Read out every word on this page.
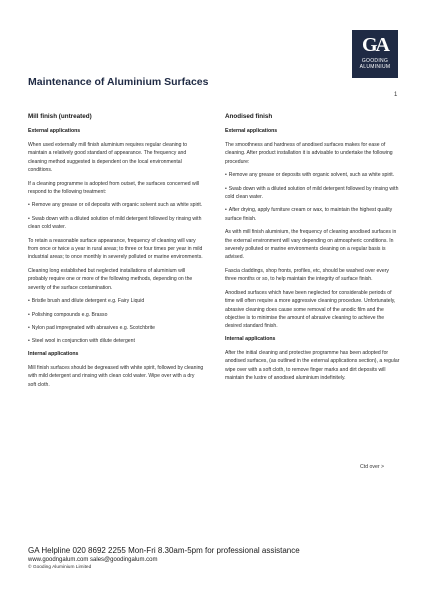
GA
GOODING
ALUMINIUM
Maintenance of Aluminium Surfaces
1
Mill finish (untreated)
External applications

When used externally mill finish aluminium requires regular cleaning to maintain a relatively good standard of appearance. The frequency and cleaning method suggested is dependent on the local environmental conditions.

If a cleaning programme is adopted from outset, the surfaces concerned will respond to the following treatment:

• Remove any grease or oil deposits with organic solvent such as white spirit.

• Swab down with a diluted solution of mild detergent followed by rinsing with clean cold water.

To retain a reasonable surface appearance, frequency of cleaning will vary from once or twice a year in rural areas; to three or four times per year in mild industrial areas; to once monthly in severely polluted or marine environments.

Cleaning long established but neglected installations of aluminium will probably require one or more of the following methods, depending on the severity of the surface contamination.

• Bristle brush and dilute detergent e.g. Fairy Liquid

• Polishing compounds e.g. Brasso

• Nylon pad impregnated with abrasives e.g. Scotchbrite

• Steel wool in conjunction with dilute detergent

Internal applications

Mill finish surfaces should be degreased with white spirit, followed by cleaning with mild detergent and rinsing with clean cold water. Wipe over with a dry soft cloth.

Anodised finish
External applications

The smoothness and hardness of anodised surfaces makes for ease of cleaning. After product installation it is advisable to undertake the following procedure:

• Remove any grease or deposits with organic solvent, such as white spirit.

• Swab down with a diluted solution of mild detergent followed by rinsing with cold clean water.

• After drying, apply furniture cream or wax, to maintain the highest quality surface finish.

As with mill finish aluminium, the frequency of cleaning anodised surfaces in the external environment will vary depending on atmospheric conditions. In severely polluted or marine environments cleaning on a regular basis is advised.

Fascia claddings, shop fronts, profiles, etc, should be washed over every three months or so, to help maintain the integrity of surface finish.

Anodised surfaces which have been neglected for considerable periods of time will often require a more aggressive cleaning procedure. Unfortunately, abrasive cleaning does cause some removal of the anodic film and the objective is to minimise the amount of abrasive cleaning to achieve the desired standard finish.

Internal applications

After the initial cleaning and protective programme has been adopted for anodised surfaces, (as outlined in the external applications section), a regular wipe over with a soft cloth, to remove finger marks and dirt deposits will maintain the lustre of anodised aluminium indefinitely.

Ctd over >
GA Helpline 020 8692 2255 Mon-Fri 8.30am-5pm for professional assistance
www.goodngalum.com sales@goodingalum.com
© Gooding Aluminium Limited
